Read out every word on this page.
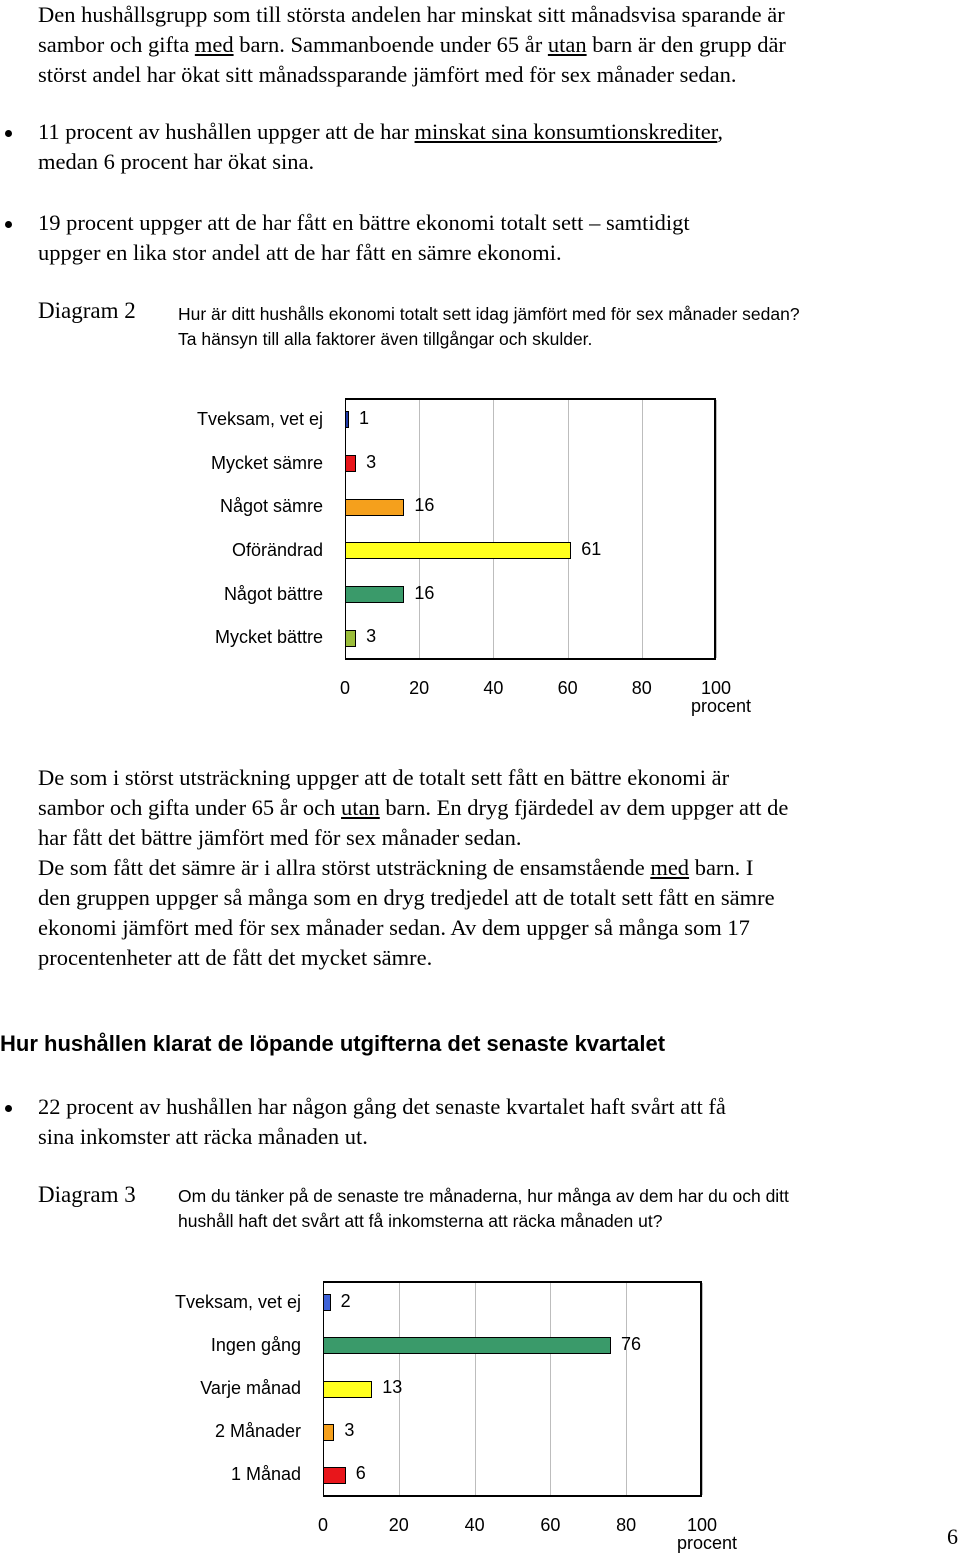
Den hushållsgrupp som till största andelen har minskat sitt månadsvisa sparande är
sambor och gifta med barn. Sammanboende under 65 år utan barn är den grupp där
störst andel har ökat sitt månadssparande jämfört med för sex månader sedan.
11 procent av hushållen uppger att de har minskat sina konsumtionskrediter,
medan 6 procent har ökat sina.
19 procent uppger att de har fått en bättre ekonomi totalt sett – samtidigt
uppger en lika stor andel att de har fått en sämre ekonomi.
Diagram 2 Hur är ditt hushålls ekonomi totalt sett idag jämfört med för sex månader sedan?
Ta hänsyn till alla faktorer även tillgångar och skulder.
Tveksam, vet ej 1
Mycket sämre 3
Något sämre	16
Oförändrad	61
Något bättre	16
Mycket bättre 3
0	20	40	60	80	100
procent
De som i störst utsträckning uppger att de totalt sett fått en bättre ekonomi är
sambor och gifta under 65 år och utan barn. En dryg fjärdedel av dem uppger att de
har fått det bättre jämfört med för sex månader sedan.
De som fått det sämre är i allra störst utsträckning de ensamstående med barn. I
den gruppen uppger så många som en dryg tredjedel att de totalt sett fått en sämre
ekonomi jämfört med för sex månader sedan. Av dem uppger så många som 17
procentenheter att de fått det mycket sämre.
Hur hushållen klarat de löpande utgifterna det senaste kvartalet
22 procent av hushållen har någon gång det senaste kvartalet haft svårt att få
sina inkomster att räcka månaden ut.
Diagram 3 Om du tänker på de senaste tre månaderna, hur många av dem har du och ditt
hushåll haft det svårt att få inkomsterna att räcka månaden ut?
Tveksam, vet ej 2
Ingen gång	76
Varje månad	13
2 Månader 3
1 Månad	6
0	20	40	60	80	100
procent	6
